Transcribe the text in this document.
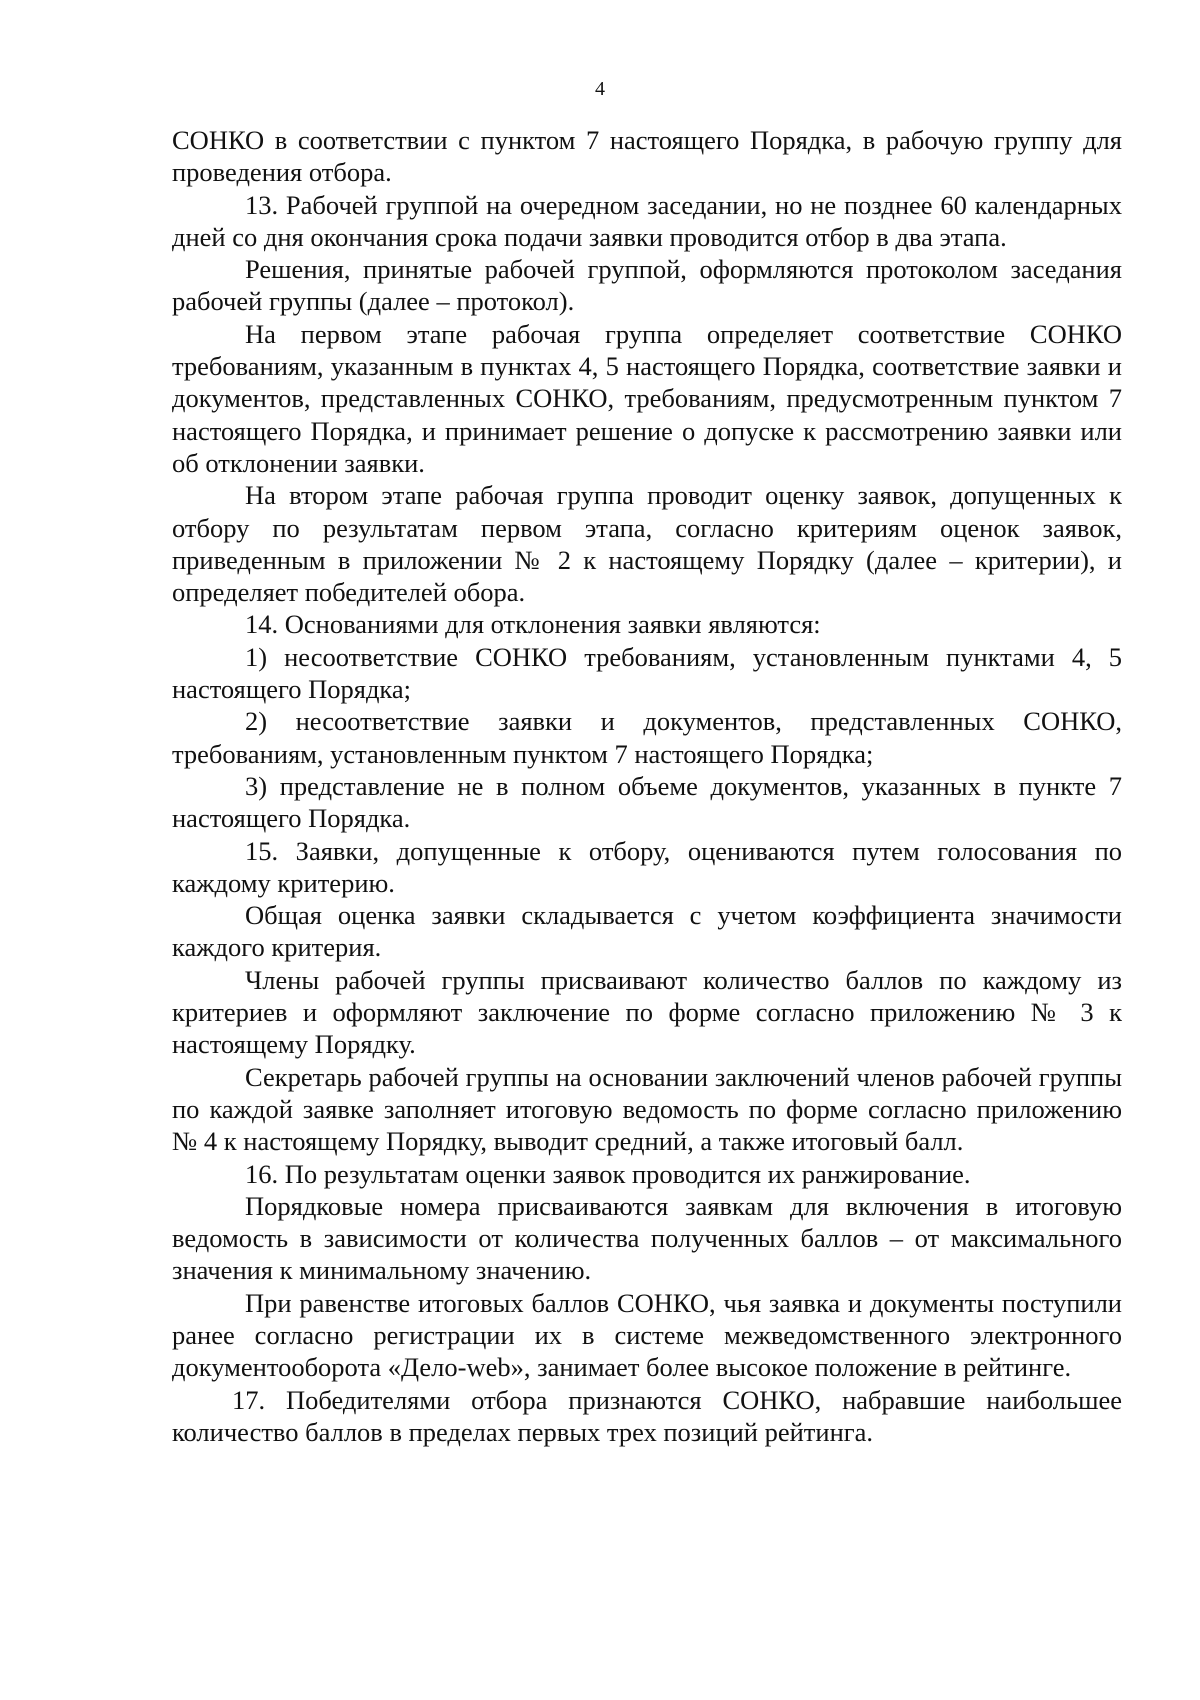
4

СОНКО в соответствии с пунктом 7 настоящего Порядка, в рабочую группу для проведения отбора.

13. Рабочей группой на очередном заседании, но не позднее 60 календарных дней со дня окончания срока подачи заявки проводится отбор в два этапа.

Решения, принятые рабочей группой, оформляются протоколом заседания рабочей группы (далее – протокол).

На первом этапе рабочая группа определяет соответствие СОНКО требованиям, указанным в пунктах 4, 5 настоящего Порядка, соответствие заявки и документов, представленных СОНКО, требованиям, предусмотренным пунктом 7 настоящего Порядка, и принимает решение о допуске к рассмотрению заявки или об отклонении заявки.

На втором этапе рабочая группа проводит оценку заявок, допущенных к отбору по результатам первом этапа, согласно критериям оценок заявок, приведенным в приложении № 2 к настоящему Порядку (далее – критерии), и определяет победителей обора.

14. Основаниями для отклонения заявки являются:

1) несоответствие СОНКО требованиям, установленным пунктами 4, 5 настоящего Порядка;

2) несоответствие заявки и документов, представленных СОНКО, требованиям, установленным пунктом 7 настоящего Порядка;

3) представление не в полном объеме документов, указанных в пункте 7 настоящего Порядка.

15. Заявки, допущенные к отбору, оцениваются путем голосования по каждому критерию.

Общая оценка заявки складывается с учетом коэффициента значимости каждого критерия.

Члены рабочей группы присваивают количество баллов по каждому из критериев и оформляют заключение по форме согласно приложению № 3 к настоящему Порядку.

Секретарь рабочей группы на основании заключений членов рабочей группы по каждой заявке заполняет итоговую ведомость по форме согласно приложению № 4 к настоящему Порядку, выводит средний, а также итоговый балл.

16. По результатам оценки заявок проводится их ранжирование.

Порядковые номера присваиваются заявкам для включения в итоговую ведомость в зависимости от количества полученных баллов – от максимального значения к минимальному значению.

При равенстве итоговых баллов СОНКО, чья заявка и документы поступили ранее согласно регистрации их в системе межведомственного электронного документооборота «Дело-web», занимает более высокое положение в рейтинге.

17. Победителями отбора признаются СОНКО, набравшие наибольшее количество баллов в пределах первых трех позиций рейтинга.
